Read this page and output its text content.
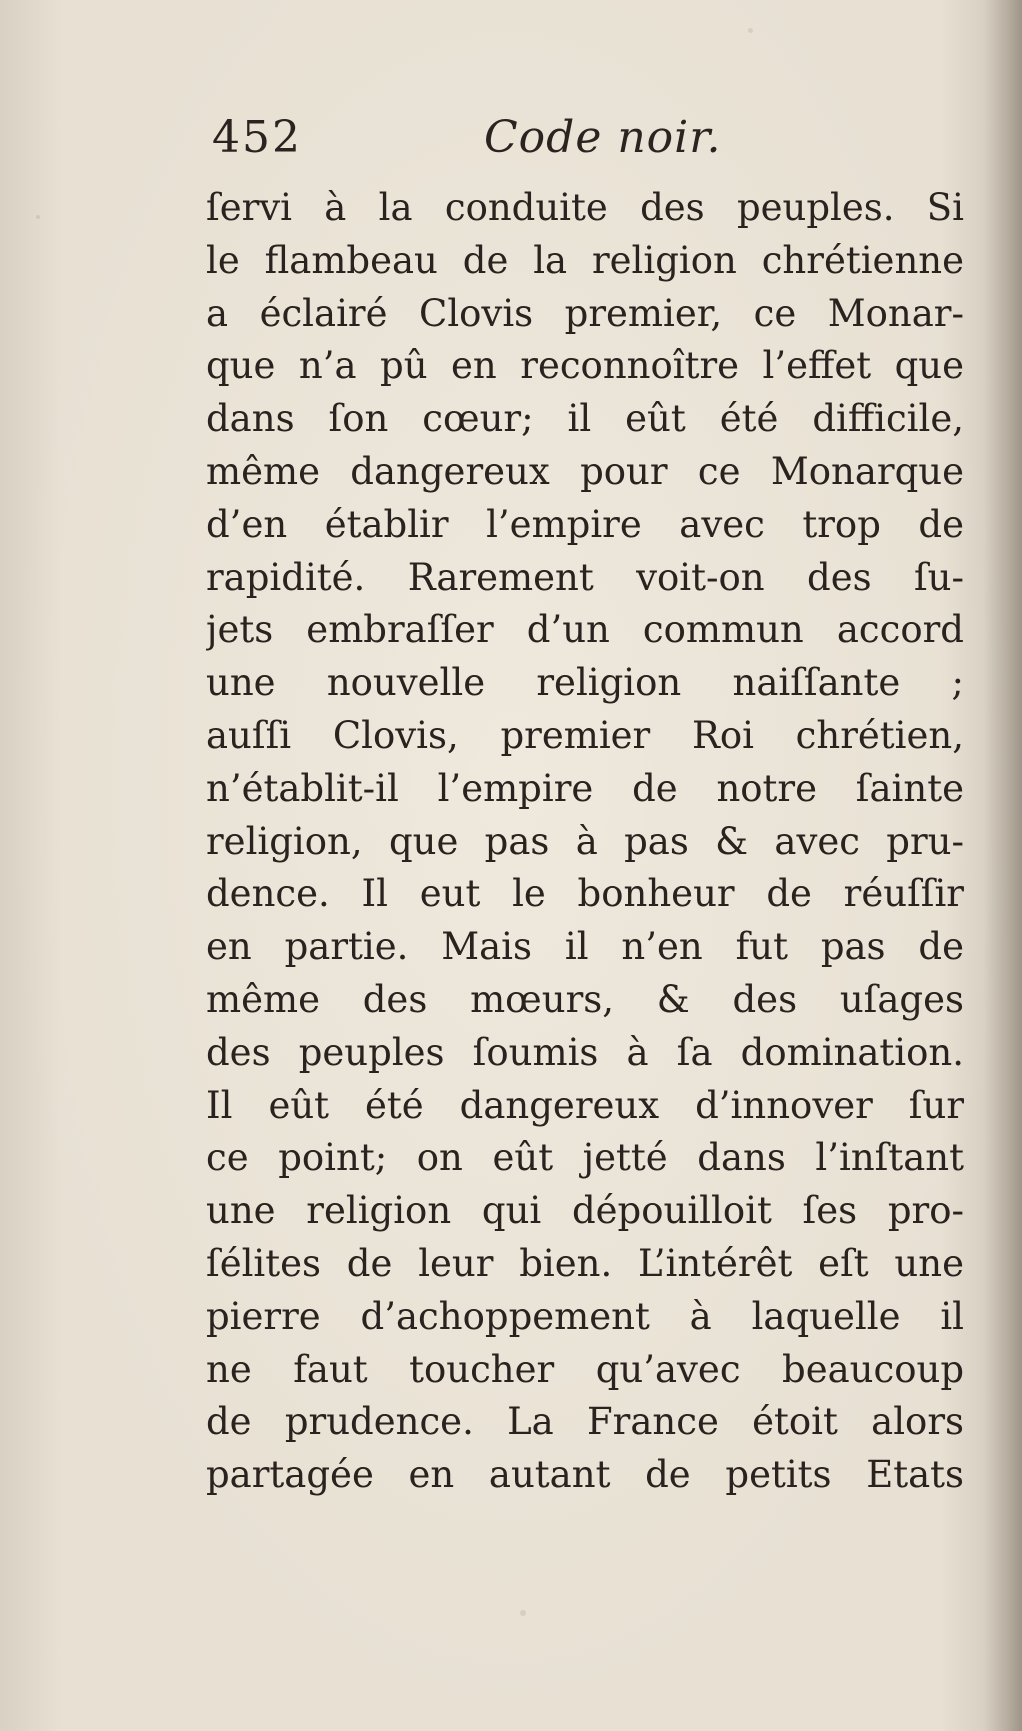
452	Code noir.
ſervi à la conduite des peuples. Si
le flambeau de la religion chrétienne
a éclairé Clovis premier, ce Monar-
que n’a pû en reconnoître l’effet que
dans ſon cœur; il eût été difficile,
même dangereux pour ce Monarque
d’en établir l’empire avec trop de
rapidité. Rarement voit-on des ſu-
jets embraſſer d’un commun accord
une nouvelle religion naiſſante ;
auſſi Clovis, premier Roi chrétien,
n’établit-il l’empire de notre ſainte
religion, que pas à pas & avec pru-
dence. Il eut le bonheur de réuſſir
en partie. Mais il n’en fut pas de
même des mœurs, & des uſages
des peuples ſoumis à ſa domination.
Il eût été dangereux d’innover ſur
ce point; on eût jetté dans l’inſtant
une religion qui dépouilloit ſes pro-
ſélites de leur bien. L’intérêt eſt une
pierre d’achoppement à laquelle il
ne faut toucher qu’avec beaucoup
de prudence. La France étoit alors
partagée en autant de petits Etats
